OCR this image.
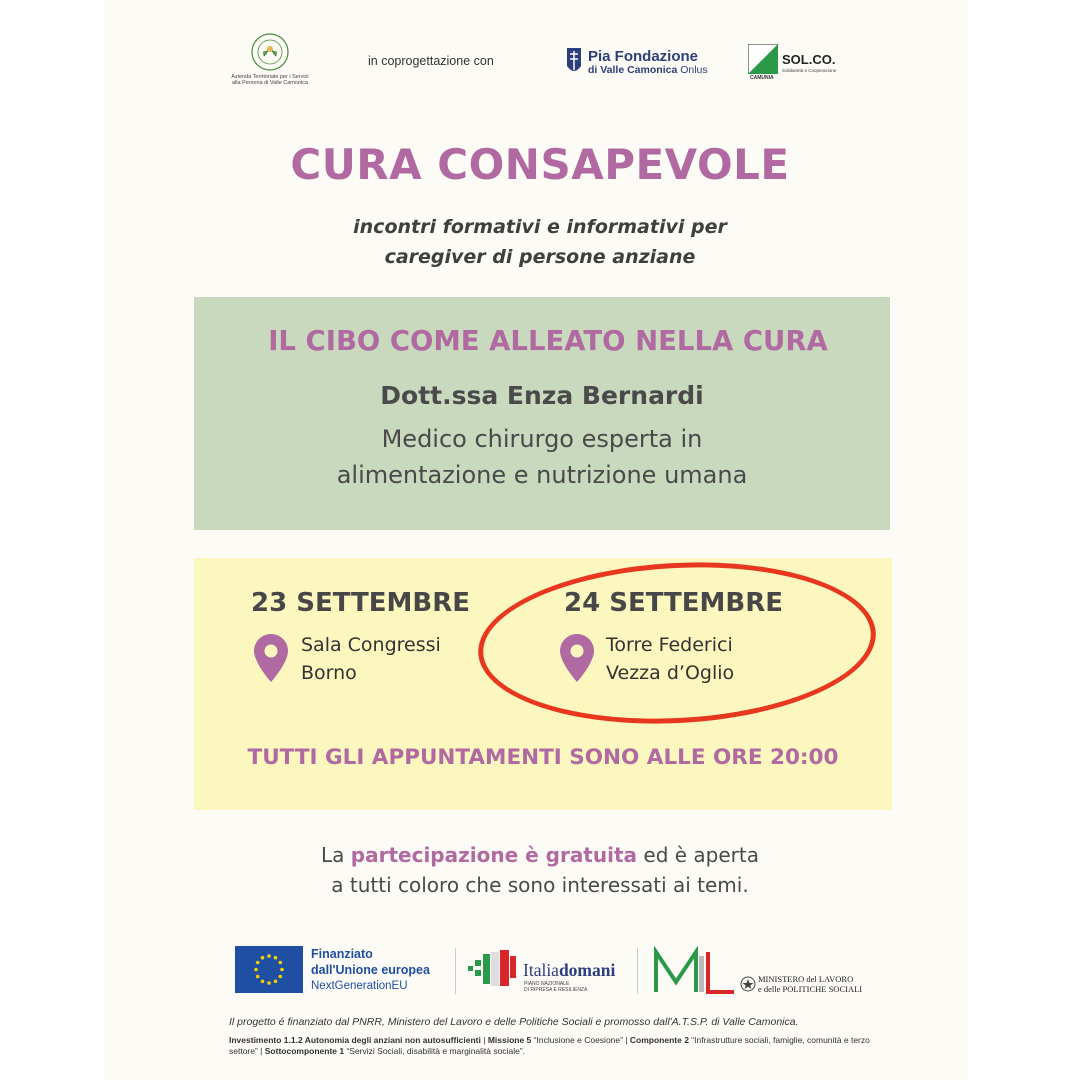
Azienda Territoriale per i Servizi alla Persona di Valle Camonica
in coprogettazione con	Pia Fondazione
di Valle Camonica Onlus
SOL.CO.
Solidarietà e Cooperazione
CAMUNIA
CURA CONSAPEVOLE
incontri formativi e informativi per
caregiver di persone anziane
IL CIBO COME ALLEATO NELLA CURA
Dott.ssa Enza Bernardi
Medico chirurgo esperta in
alimentazione e nutrizione umana
23 SETTEMBRE
Sala Congressi
Borno
24 SETTEMBRE
Torre Federici
Vezza d’Oglio
TUTTI GLI APPUNTAMENTI SONO ALLE ORE 20:00
La partecipazione è gratuita ed è aperta
a tutti coloro che sono interessati ai temi.
Finanziato
dall'Unione europea
NextGenerationEU
Italiadomani
PIANO NAZIONALE
DI RIPRESA E RESILIENZA
MINISTERO del LAVORO
e delle POLITICHE SOCIALI
Il progetto é finanziato dal PNRR, Ministero del Lavoro e delle Politiche Sociali e promosso dall'A.T.S.P. di Valle Camonica.
Investimento 1.1.2 Autonomia degli anziani non autosufficienti | Missione 5 “Inclusione e Coesione” | Componente 2 “Infrastrutture sociali, famiglie, comunità e terzo settore” | Sottocomponente 1 “Servizi Sociali, disabilità e marginalità sociale”.
